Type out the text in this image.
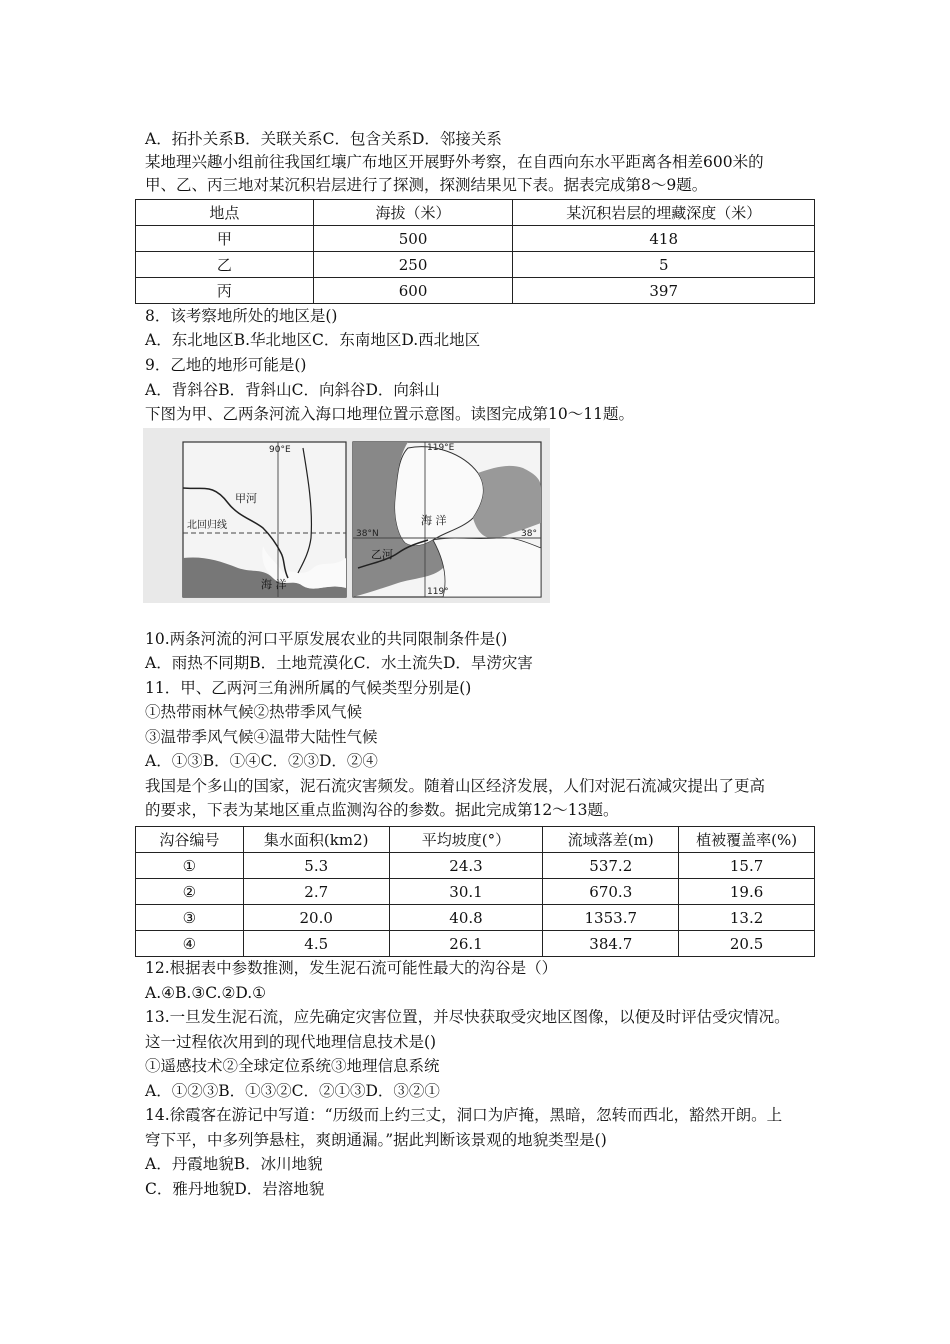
A．拓扑关系B．关联关系C．包含关系D．邻接关系
某地理兴趣小组前往我国红壤广布地区开展野外考察，在自西向东水平距离各相差600米的
甲、乙、丙三地对某沉积岩层进行了探测，探测结果见下表。据表完成第8～9题。
地点	海拔（米）	某沉积岩层的埋藏深度（米）
甲	500	418
乙	250	5
丙	600	397
8．该考察地所处的地区是()
A．东北地区B.华北地区C．东南地区D.西北地区
9．乙地的地形可能是()
A．背斜谷B．背斜山C．向斜谷D．向斜山
下图为甲、乙两条河流入海口地理位置示意图。读图完成第10～11题。
90°E
甲河
北回归线
海 洋
119°E
119°
38°N	38°
乙河
海 洋
10.两条河流的河口平原发展农业的共同限制条件是()
A．雨热不同期B．土地荒漠化C．水土流失D．旱涝灾害
11．甲、乙两河三角洲所属的气候类型分别是()
①热带雨林气候②热带季风气候
③温带季风气候④温带大陆性气候
A．①③B．①④C．②③D．②④
我国是个多山的国家，泥石流灾害频发。随着山区经济发展，人们对泥石流减灾提出了更高
的要求，下表为某地区重点监测沟谷的参数。据此完成第12～13题。
沟谷编号	集水面积(km2)	平均坡度(°）	流域落差(m)	植被覆盖率(%)
①	5.3	24.3	537.2	15.7
②	2.7	30.1	670.3	19.6
③	20.0	40.8	1353.7	13.2
④	4.5	26.1	384.7	20.5
12.根据表中参数推测，发生泥石流可能性最大的沟谷是（）
A.④B.③C.②D.①
13.一旦发生泥石流，应先确定灾害位置，并尽快获取受灾地区图像，以便及时评估受灾情况。
这一过程依次用到的现代地理信息技术是()
①遥感技术②全球定位系统③地理信息系统
A．①②③B．①③②C．②①③D．③②①
14.徐霞客在游记中写道：“历级而上约三丈，洞口为庐掩，黑暗，忽转而西北，豁然开朗。上
穹下平，中多列笋悬柱，爽朗通漏。”据此判断该景观的地貌类型是()
A．丹霞地貌B．冰川地貌
C．雅丹地貌D．岩溶地貌
